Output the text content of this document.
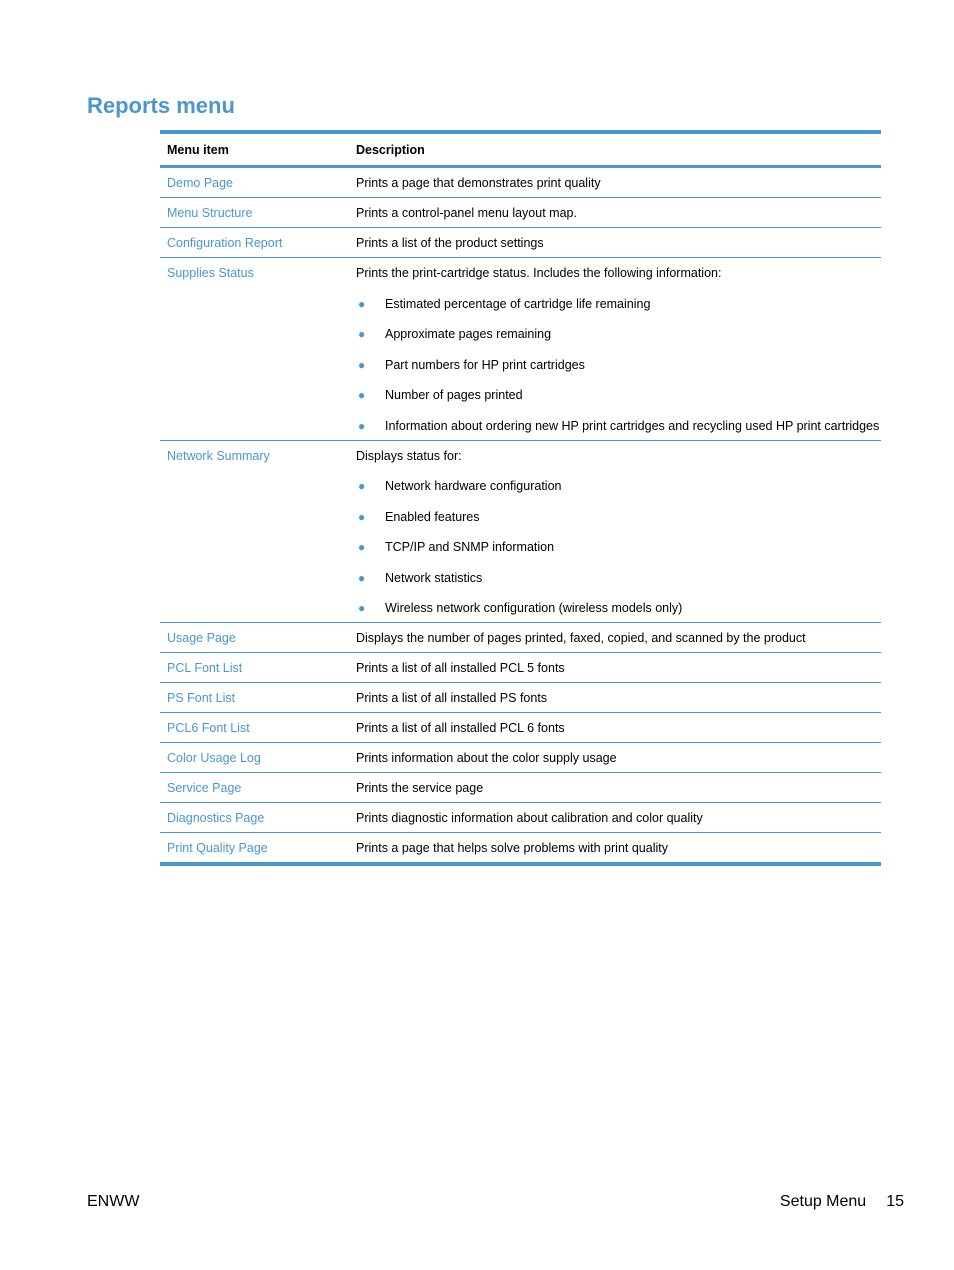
Reports menu
Menu item	Description
Demo Page	Prints a page that demonstrates print quality
Menu Structure	Prints a control-panel menu layout map.
Configuration Report	Prints a list of the product settings
Supplies Status	Prints the print-cartridge status. Includes the following information:
● Estimated percentage of cartridge life remaining
● Approximate pages remaining
● Part numbers for HP print cartridges
● Number of pages printed
● Information about ordering new HP print cartridges and recycling used HP print cartridges
Network Summary	Displays status for:
● Network hardware configuration
● Enabled features
● TCP/IP and SNMP information
● Network statistics
● Wireless network configuration (wireless models only)
Usage Page	Displays the number of pages printed, faxed, copied, and scanned by the product
PCL Font List	Prints a list of all installed PCL 5 fonts
PS Font List	Prints a list of all installed PS fonts
PCL6 Font List	Prints a list of all installed PCL 6 fonts
Color Usage Log	Prints information about the color supply usage
Service Page	Prints the service page
Diagnostics Page	Prints diagnostic information about calibration and color quality
Print Quality Page	Prints a page that helps solve problems with print quality
ENWW	Setup Menu 15
